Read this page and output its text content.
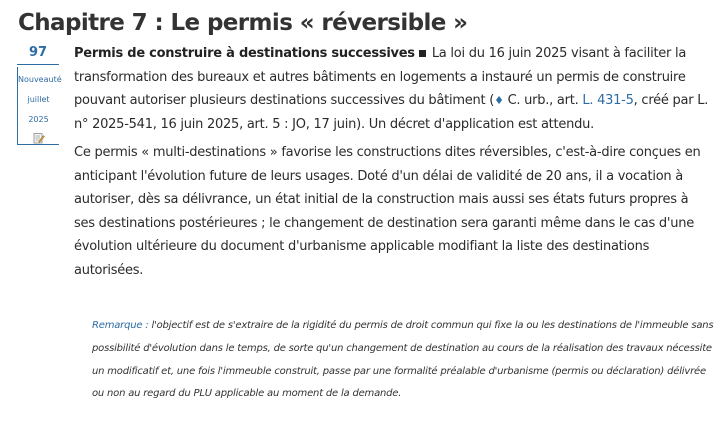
Chapitre 7 : Le permis « réversible »
97
Nouveauté
juillet
2025

Permis de construire à destinations successives La loi du 16 juin 2025 visant à faciliter la transformation des bureaux et autres bâtiments en logements a instauré un permis de construire pouvant autoriser plusieurs destinations successives du bâtiment (♦ C. urb., art. L. 431-5, créé par L. n° 2025-541, 16 juin 2025, art. 5 : JO, 17 juin). Un décret d'application est attendu.

Ce permis « multi-destinations » favorise les constructions dites réversibles, c'est-à-dire conçues en anticipant l'évolution future de leurs usages. Doté d'un délai de validité de 20 ans, il a vocation à autoriser, dès sa délivrance, un état initial de la construction mais aussi ses états futurs propres à ses destinations postérieures ; le changement de destination sera garanti même dans le cas d'une évolution ultérieure du document d'urbanisme applicable modifiant la liste des destinations autorisées.

Remarque : l'objectif est de s'extraire de la rigidité du permis de droit commun qui fixe la ou les destinations de l'immeuble sans possibilité d'évolution dans le temps, de sorte qu'un changement de destination au cours de la réalisation des travaux nécessite un modificatif et, une fois l'immeuble construit, passe par une formalité préalable d'urbanisme (permis ou déclaration) délivrée ou non au regard du PLU applicable au moment de la demande.
